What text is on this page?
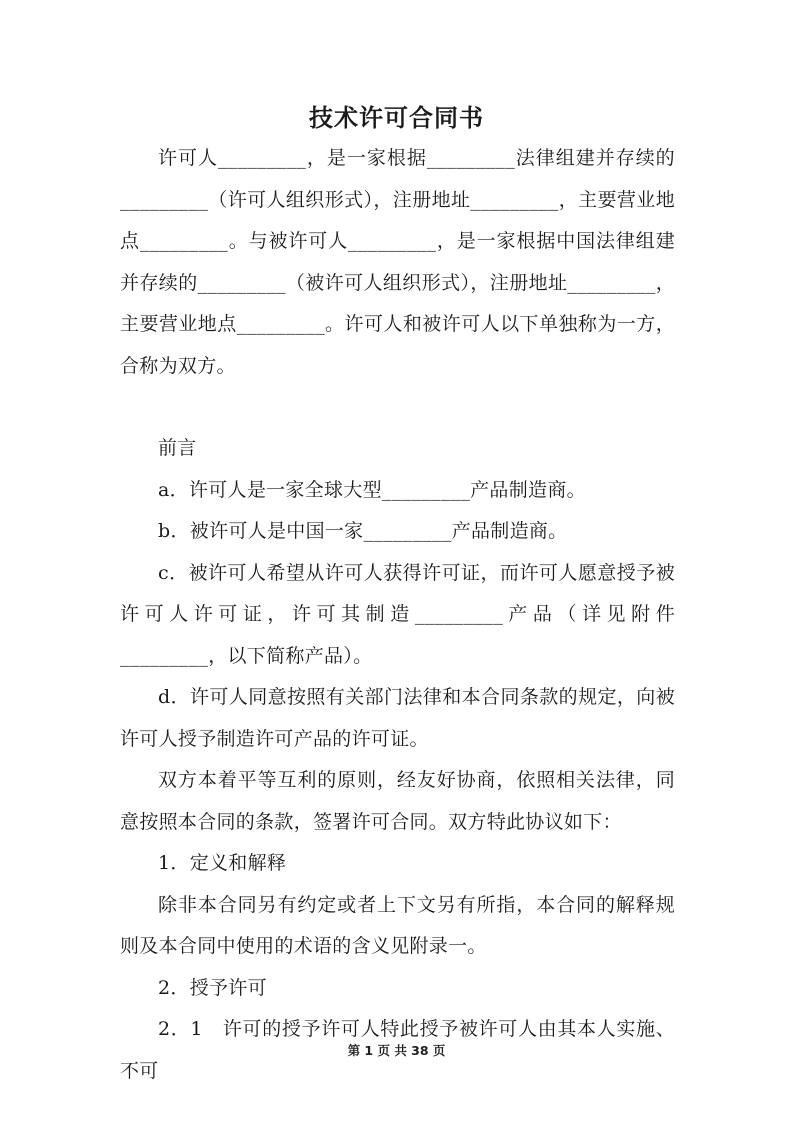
技术许可合同书

许可人_________，是一家根据_________法律组建并存续的_________（许可人组织形式），注册地址_________，主要营业地点_________。与被许可人_________，是一家根据中国法律组建并存续的_________（被许可人组织形式），注册地址_________，主要营业地点_________。许可人和被许可人以下单独称为一方，合称为双方。

前言

a．许可人是一家全球大型_________产品制造商。

b．被许可人是中国一家_________产品制造商。

c．被许可人希望从许可人获得许可证，而许可人愿意授予被许可人许可证，许可其制造_________产品（详见附件_________，以下简称产品）。

d．许可人同意按照有关部门法律和本合同条款的规定，向被许可人授予制造许可产品的许可证。

双方本着平等互利的原则，经友好协商，依照相关法律，同意按照本合同的条款，签署许可合同。双方特此协议如下：

1．定义和解释

除非本合同另有约定或者上下文另有所指，本合同的解释规则及本合同中使用的术语的含义见附录一。

2．授予许可

2．1　许可的授予许可人特此授予被许可人由其本人实施、不可

第 1 页 共 38 页
